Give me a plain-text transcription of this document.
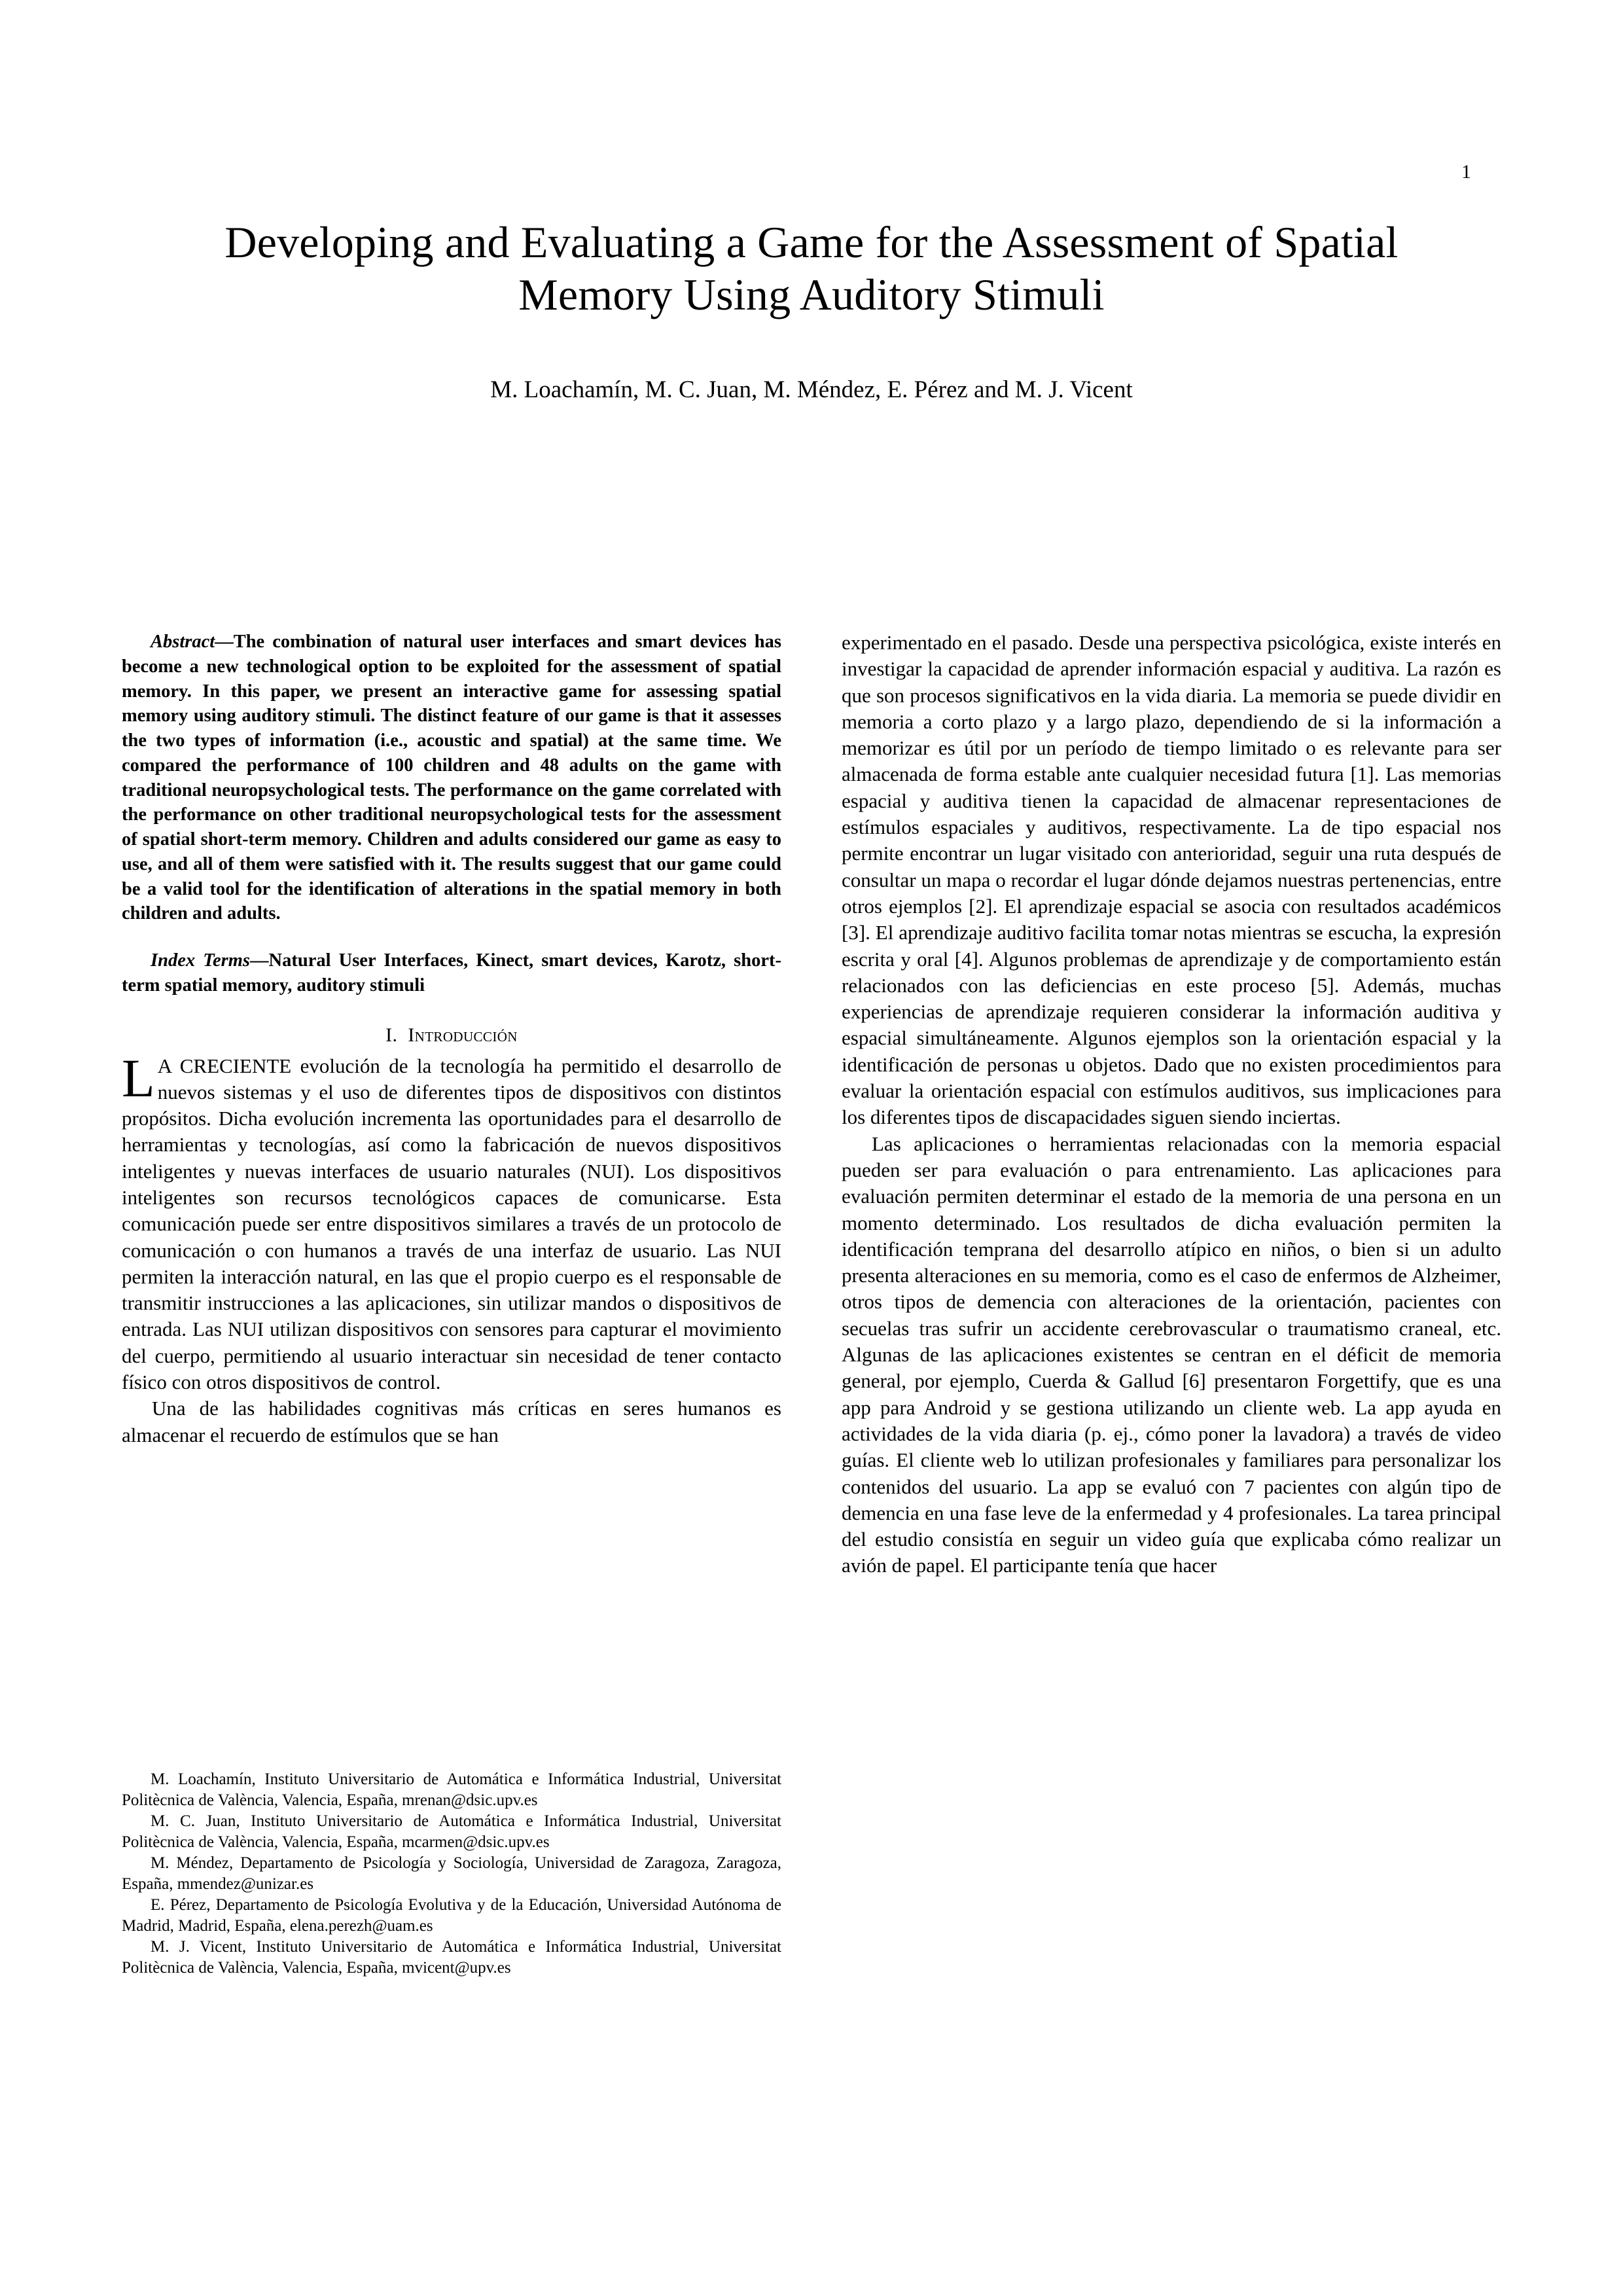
1
Developing and Evaluating a Game for the Assessment of Spatial Memory Using Auditory Stimuli
M. Loachamín, M. C. Juan, M. Méndez, E. Pérez and M. J. Vicent

Abstract—The combination of natural user interfaces and smart devices has become a new technological option to be exploited for the assessment of spatial memory. In this paper, we present an interactive game for assessing spatial memory using auditory stimuli. The distinct feature of our game is that it assesses the two types of information (i.e., acoustic and spatial) at the same time. We compared the performance of 100 children and 48 adults on the game with traditional neuropsychological tests. The performance on the game correlated with the performance on other traditional neuropsychological tests for the assessment of spatial short-term memory. Children and adults considered our game as easy to use, and all of them were satisfied with it. The results suggest that our game could be a valid tool for the identification of alterations in the spatial memory in both children and adults.

Index Terms—Natural User Interfaces, Kinect, smart devices, Karotz, short-term spatial memory, auditory stimuli

I. Introducción

L A CRECIENTE evolución de la tecnología ha permitido el desarrollo de nuevos sistemas y el uso de diferentes tipos de dispositivos con distintos propósitos. Dicha evolución incrementa las oportunidades para el desarrollo de herramientas y tecnologías, así como la fabricación de nuevos dispositivos inteligentes y nuevas interfaces de usuario naturales (NUI). Los dispositivos inteligentes son recursos tecnológicos capaces de comunicarse. Esta comunicación puede ser entre dispositivos similares a través de un protocolo de comunicación o con humanos a través de una interfaz de usuario. Las NUI permiten la interacción natural, en las que el propio cuerpo es el responsable de transmitir instrucciones a las aplicaciones, sin utilizar mandos o dispositivos de entrada. Las NUI utilizan dispositivos con sensores para capturar el movimiento del cuerpo, permitiendo al usuario interactuar sin necesidad de tener contacto físico con otros dispositivos de control.

Una de las habilidades cognitivas más críticas en seres humanos es almacenar el recuerdo de estímulos que se han

experimentado en el pasado. Desde una perspectiva psicológica, existe interés en investigar la capacidad de aprender información espacial y auditiva. La razón es que son procesos significativos en la vida diaria. La memoria se puede dividir en memoria a corto plazo y a largo plazo, dependiendo de si la información a memorizar es útil por un período de tiempo limitado o es relevante para ser almacenada de forma estable ante cualquier necesidad futura [1]. Las memorias espacial y auditiva tienen la capacidad de almacenar representaciones de estímulos espaciales y auditivos, respectivamente. La de tipo espacial nos permite encontrar un lugar visitado con anterioridad, seguir una ruta después de consultar un mapa o recordar el lugar dónde dejamos nuestras pertenencias, entre otros ejemplos [2]. El aprendizaje espacial se asocia con resultados académicos [3]. El aprendizaje auditivo facilita tomar notas mientras se escucha, la expresión escrita y oral [4]. Algunos problemas de aprendizaje y de comportamiento están relacionados con las deficiencias en este proceso [5]. Además, muchas experiencias de aprendizaje requieren considerar la información auditiva y espacial simultáneamente. Algunos ejemplos son la orientación espacial y la identificación de personas u objetos. Dado que no existen procedimientos para evaluar la orientación espacial con estímulos auditivos, sus implicaciones para los diferentes tipos de discapacidades siguen siendo inciertas.

Las aplicaciones o herramientas relacionadas con la memoria espacial pueden ser para evaluación o para entrenamiento. Las aplicaciones para evaluación permiten determinar el estado de la memoria de una persona en un momento determinado. Los resultados de dicha evaluación permiten la identificación temprana del desarrollo atípico en niños, o bien si un adulto presenta alteraciones en su memoria, como es el caso de enfermos de Alzheimer, otros tipos de demencia con alteraciones de la orientación, pacientes con secuelas tras sufrir un accidente cerebrovascular o traumatismo craneal, etc. Algunas de las aplicaciones existentes se centran en el déficit de memoria general, por ejemplo, Cuerda & Gallud [6] presentaron Forgettify, que es una app para Android y se gestiona utilizando un cliente web. La app ayuda en actividades de la vida diaria (p. ej., cómo poner la lavadora) a través de video guías. El cliente web lo utilizan profesionales y familiares para personalizar los contenidos del usuario. La app se evaluó con 7 pacientes con algún tipo de demencia en una fase leve de la enfermedad y 4 profesionales. La tarea principal del estudio consistía en seguir un video guía que explicaba cómo realizar un avión de papel. El participante tenía que hacer

M. Loachamín, Instituto Universitario de Automática e Informática Industrial, Universitat Politècnica de València, Valencia, España, mrenan@dsic.upv.es

M. C. Juan, Instituto Universitario de Automática e Informática Industrial, Universitat Politècnica de València, Valencia, España, mcarmen@dsic.upv.es

M. Méndez, Departamento de Psicología y Sociología, Universidad de Zaragoza, Zaragoza, España, mmendez@unizar.es

E. Pérez, Departamento de Psicología Evolutiva y de la Educación, Universidad Autónoma de Madrid, Madrid, España, elena.perezh@uam.es

M. J. Vicent, Instituto Universitario de Automática e Informática Industrial, Universitat Politècnica de València, Valencia, España, mvicent@upv.es
